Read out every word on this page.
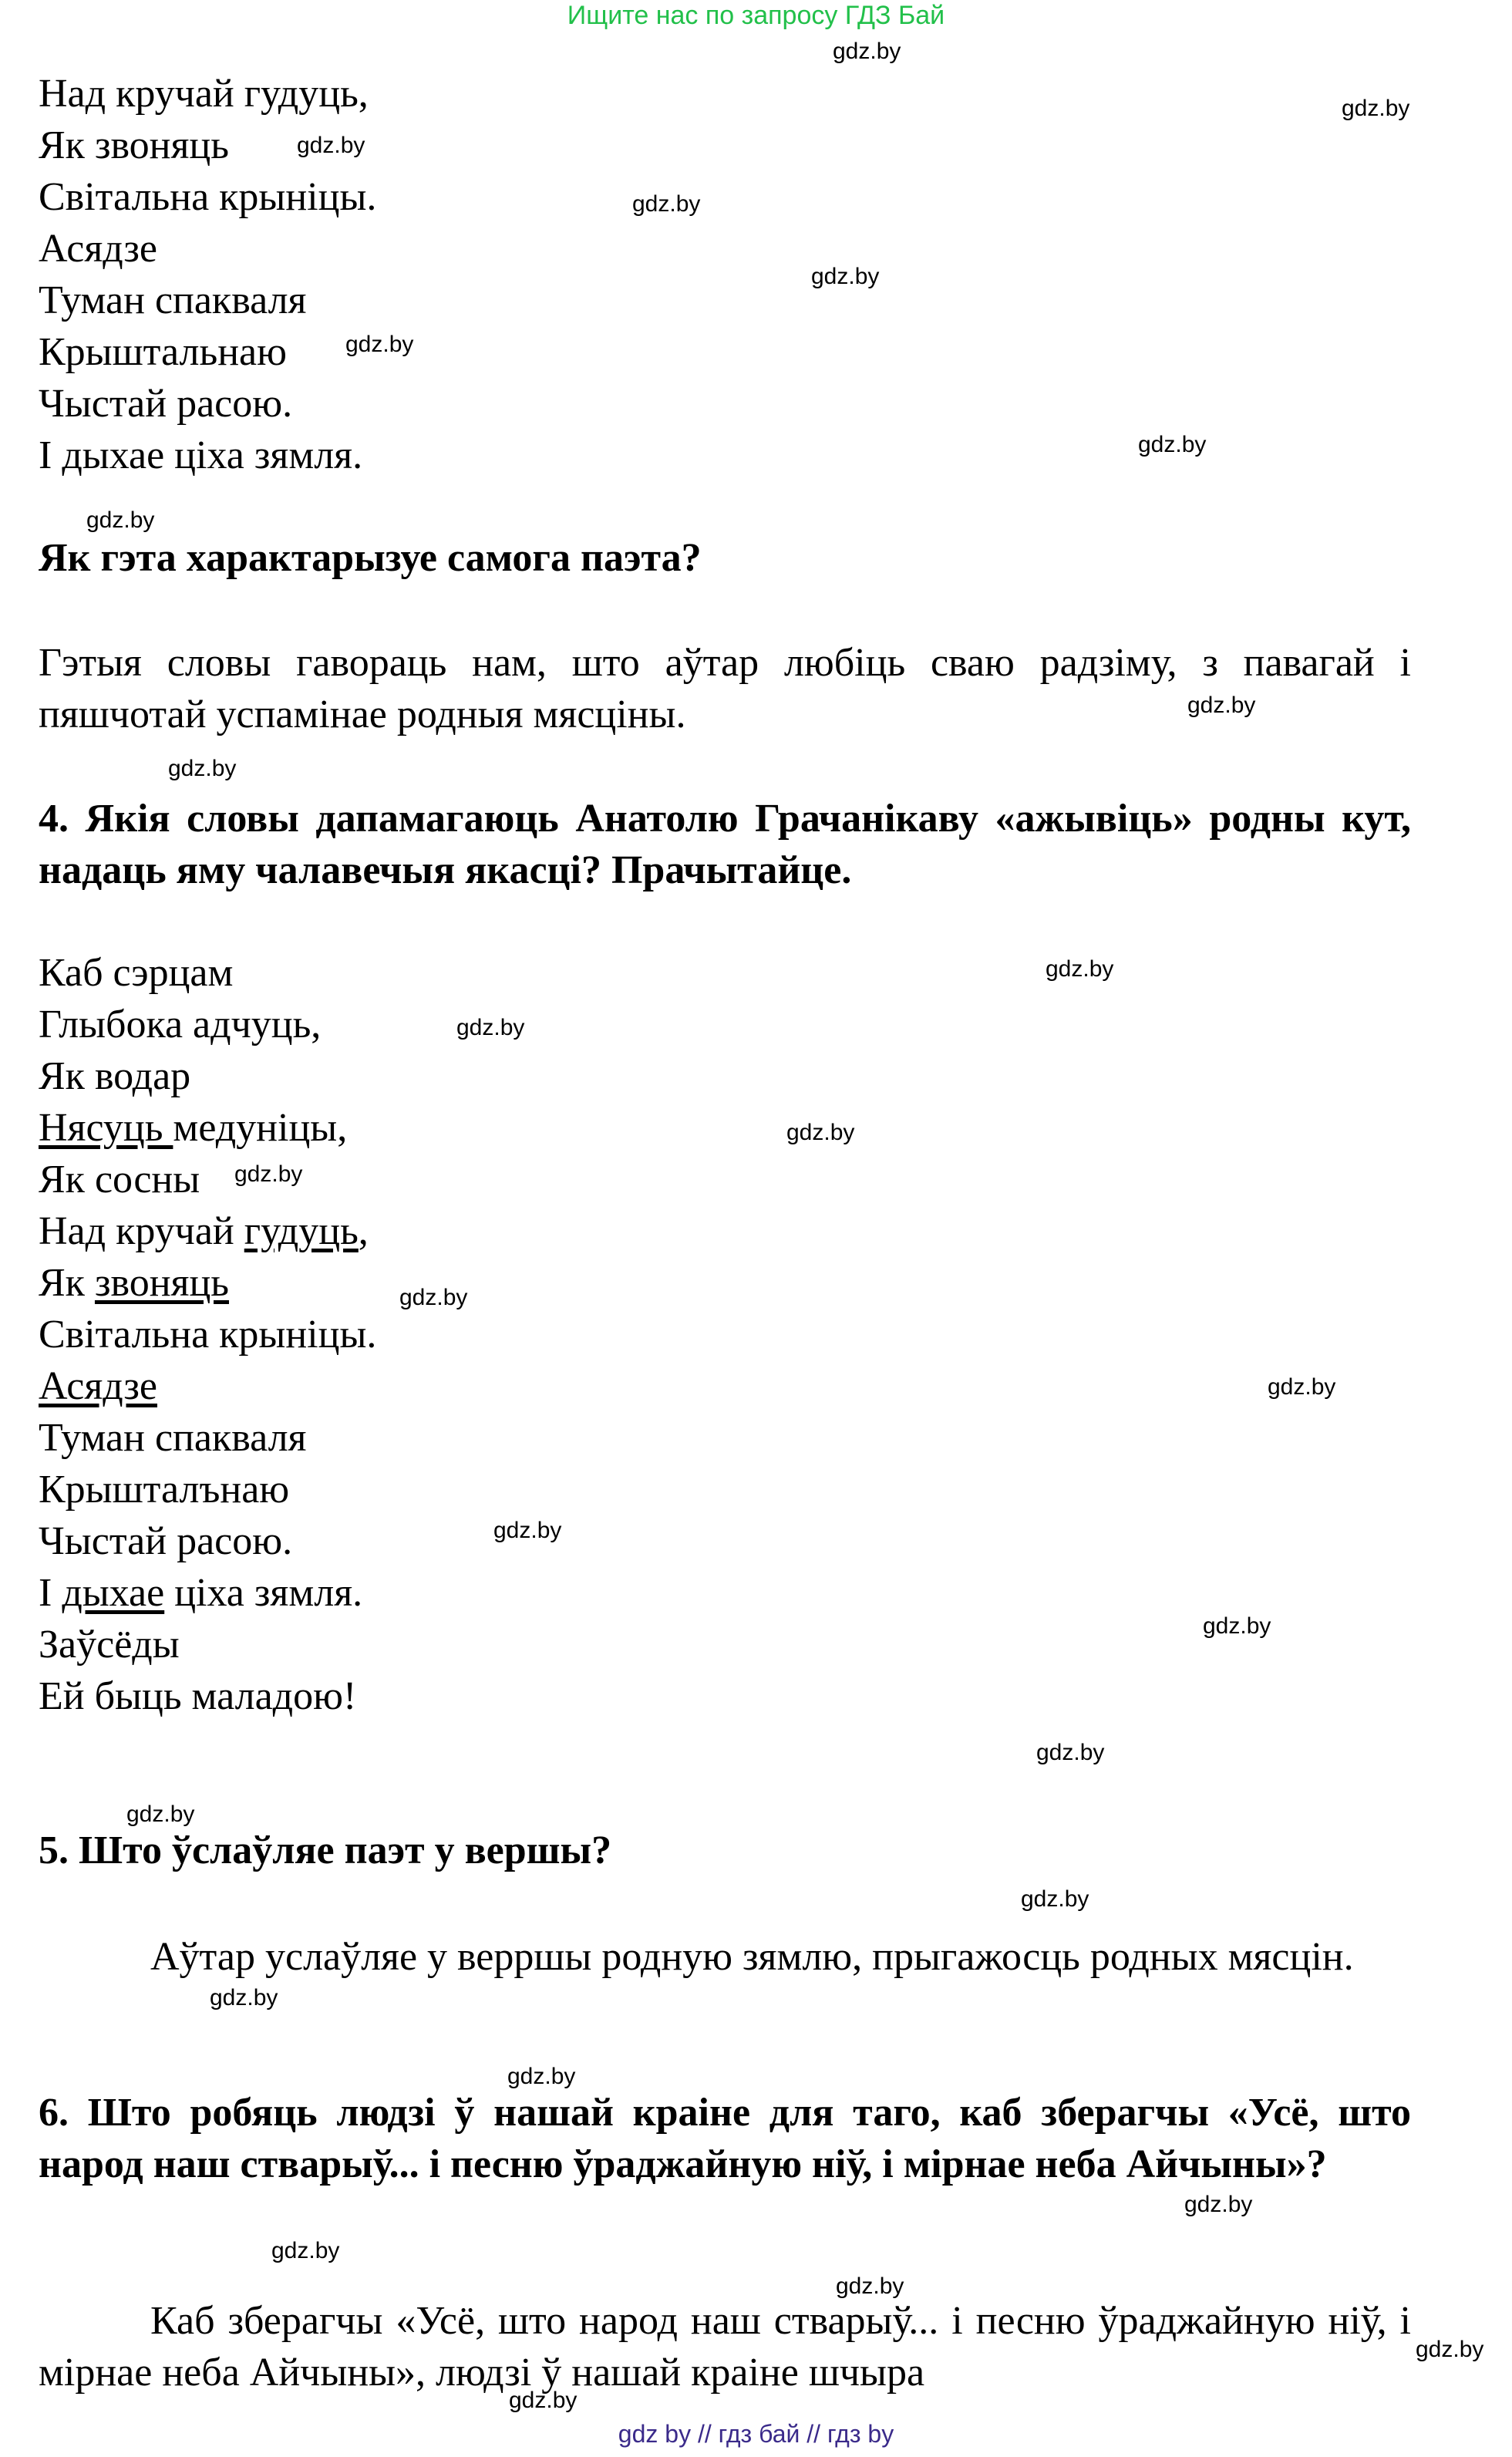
Ищите нас по запросу ГДЗ Бай
Над кручай гудуць,
Як звоняць
Світальна крыніцы.
Асядзе
Туман спакваля
Крыштальнаю
Чыстай расою.
І дыхае ціха зямля.
Як гэта характарызуе самога паэта?
Гэтыя словы гавораць нам, што аўтар любіць сваю радзіму, з павагай і пяшчотай успамінае родныя мясціны.
4. Якія словы дапамагаюць Анатолю Грачанікаву «ажывіць» родны кут, надаць яму чалавечыя якасці? Прачытайце.
Каб сэрцам
Глыбока адчуць,
Як водар
Нясуць медуніцы,
Як сосны
Над кручай гудуць,
Як звоняць
Світальна крыніцы.
Асядзе
Туман спакваля
Крышталънаю
Чыстай расою.
І дыхае ціха зямля.
Заўсёды
Ей быць маладою!
5. Што ўслаўляе паэт у вершы?
Аўтар услаўляе у верршы родную зямлю, прыгажосць родных мясцін.
6. Што робяць людзі ў нашай краіне для таго, каб зберагчы «Усё, што народ наш стварыў... і песню ўраджайную ніў, і мірнае неба Айчыны»?
Каб зберагчы «Усё, што народ наш стварыў... і песню ўраджайную ніў, і мірнае неба Айчыны», людзі ў нашай краіне шчыра
gdz.by
gdz.by
gdz.by
gdz.by
gdz.by
gdz.by
gdz.by
gdz.by
gdz.by
gdz.by
gdz.by
gdz.by
gdz.by
gdz.by
gdz.by
gdz.by
gdz.by
gdz.by
gdz.by
gdz.by
gdz.by
gdz.by
gdz.by
gdz.by
gdz.by
gdz.by
gdz.by
gdz.by
gdz by // гдз бай // гдз by
